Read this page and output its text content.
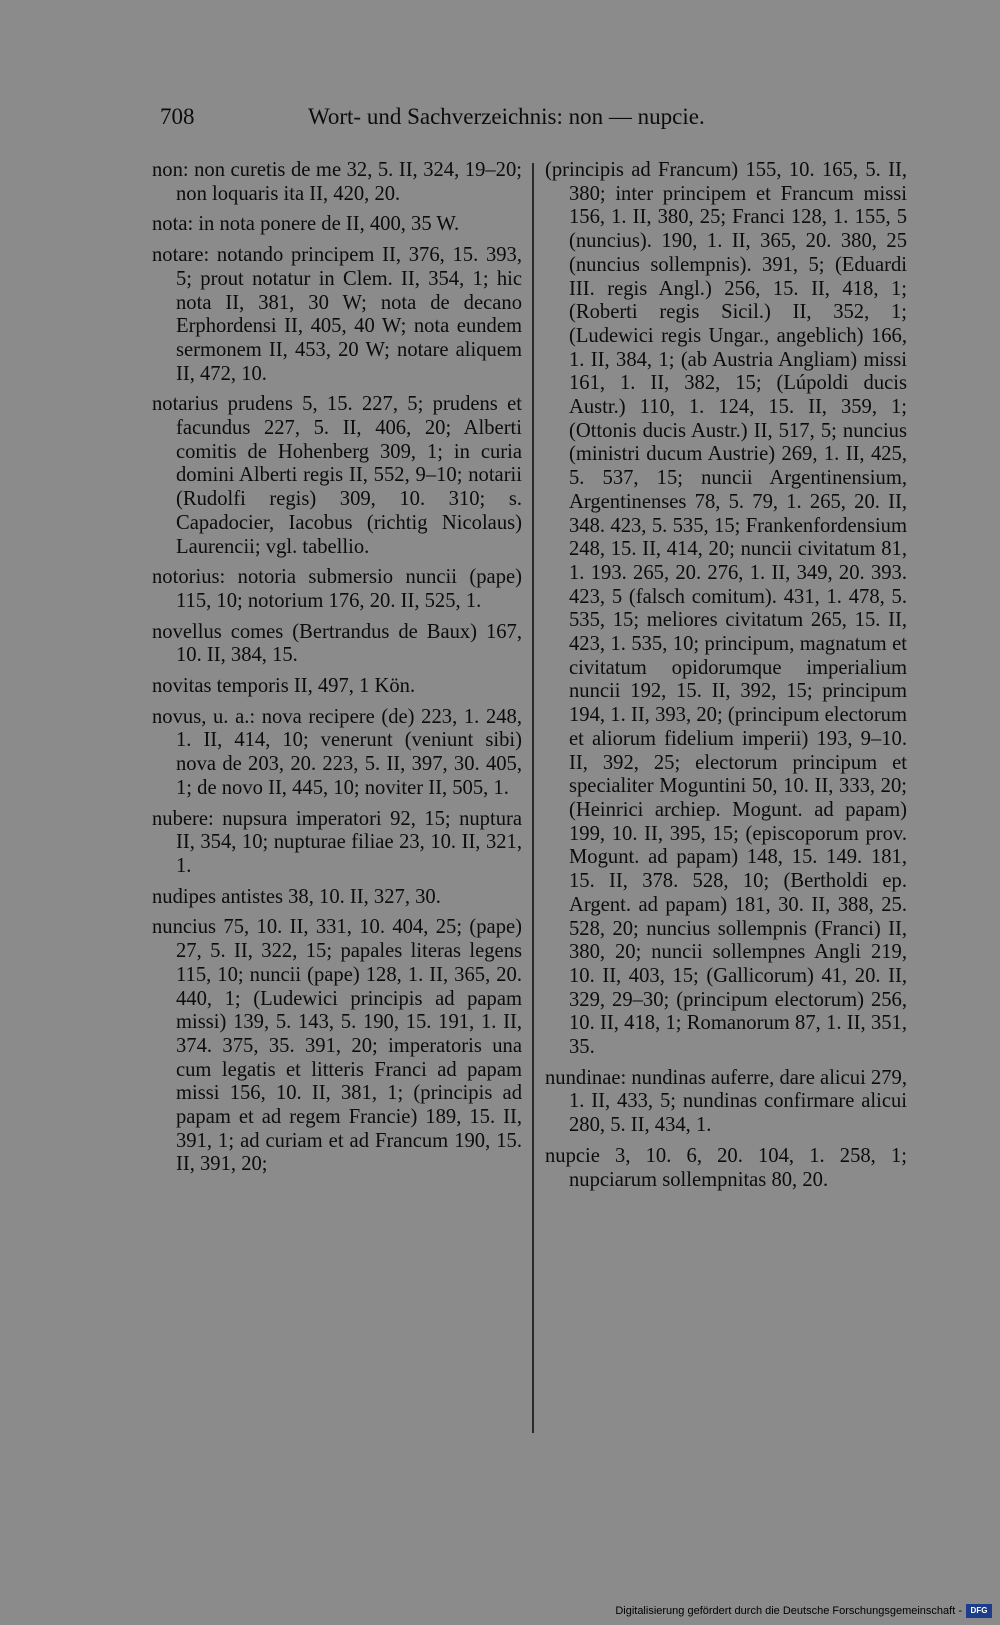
708	Wort- und Sachverzeichnis: non — nupcie.

non: non curetis de me 32, 5. II, 324, 19–20; non loquaris ita II, 420, 20.

nota: in nota ponere de II, 400, 35 W.

notare: notando principem II, 376, 15. 393, 5; prout notatur in Clem. II, 354, 1; hic nota II, 381, 30 W; nota de decano Erphordensi II, 405, 40 W; nota eundem sermonem II, 453, 20 W; notare aliquem II, 472, 10.

notarius prudens 5, 15. 227, 5; prudens et facundus 227, 5. II, 406, 20; Alberti comitis de Hohenberg 309, 1; in curia domini Alberti regis II, 552, 9–10; notarii (Rudolfi regis) 309, 10. 310; s. Capadocier, Iacobus (richtig Nicolaus) Laurencii; vgl. tabellio.

notorius: notoria submersio nuncii (pape) 115, 10; notorium 176, 20. II, 525, 1.

novellus comes (Bertrandus de Baux) 167, 10. II, 384, 15.

novitas temporis II, 497, 1 Kön.

novus, u. a.: nova recipere (de) 223, 1. 248, 1. II, 414, 10; venerunt (veniunt sibi) nova de 203, 20. 223, 5. II, 397, 30. 405, 1; de novo II, 445, 10; noviter II, 505, 1.

nubere: nupsura imperatori 92, 15; nuptura II, 354, 10; nupturae filiae 23, 10. II, 321, 1.

nudipes antistes 38, 10. II, 327, 30.

nuncius 75, 10. II, 331, 10. 404, 25; (pape) 27, 5. II, 322, 15; papales literas legens 115, 10; nuncii (pape) 128, 1. II, 365, 20. 440, 1; (Ludewici principis ad papam missi) 139, 5. 143, 5. 190, 15. 191, 1. II, 374. 375, 35. 391, 20; imperatoris una cum legatis et litteris Franci ad papam missi 156, 10. II, 381, 1; (principis ad papam et ad regem Francie) 189, 15. II, 391, 1; ad curiam et ad Francum 190, 15. II, 391, 20;

(principis ad Francum) 155, 10. 165, 5. II, 380; inter principem et Francum missi 156, 1. II, 380, 25; Franci 128, 1. 155, 5 (nuncius). 190, 1. II, 365, 20. 380, 25 (nuncius sollempnis). 391, 5; (Eduardi III. regis Angl.) 256, 15. II, 418, 1; (Roberti regis Sicil.) II, 352, 1; (Ludewici regis Ungar., angeblich) 166, 1. II, 384, 1; (ab Austria Angliam) missi 161, 1. II, 382, 15; (Lúpoldi ducis Austr.) 110, 1. 124, 15. II, 359, 1; (Ottonis ducis Austr.) II, 517, 5; nuncius (ministri ducum Austrie) 269, 1. II, 425, 5. 537, 15; nuncii Argentinensium, Argentinenses 78, 5. 79, 1. 265, 20. II, 348. 423, 5. 535, 15; Frankenfordensium 248, 15. II, 414, 20; nuncii civitatum 81, 1. 193. 265, 20. 276, 1. II, 349, 20. 393. 423, 5 (falsch comitum). 431, 1. 478, 5. 535, 15; meliores civitatum 265, 15. II, 423, 1. 535, 10; principum, magnatum et civitatum opidorumque imperialium nuncii 192, 15. II, 392, 15; principum 194, 1. II, 393, 20; (principum electorum et aliorum fidelium imperii) 193, 9–10. II, 392, 25; electorum principum et specialiter Moguntini 50, 10. II, 333, 20; (Heinrici archiep. Mogunt. ad papam) 199, 10. II, 395, 15; (episcoporum prov. Mogunt. ad papam) 148, 15. 149. 181, 15. II, 378. 528, 10; (Bertholdi ep. Argent. ad papam) 181, 30. II, 388, 25. 528, 20; nuncius sollempnis (Franci) II, 380, 20; nuncii sollempnes Angli 219, 10. II, 403, 15; (Gallicorum) 41, 20. II, 329, 29–30; (principum electorum) 256, 10. II, 418, 1; Romanorum 87, 1. II, 351, 35.

nundinae: nundinas auferre, dare alicui 279, 1. II, 433, 5; nundinas confirmare alicui 280, 5. II, 434, 1.

nupcie 3, 10. 6, 20. 104, 1. 258, 1; nupciarum sollempnitas 80, 20.

Digitalisierung gefördert durch die Deutsche Forschungsgemeinschaft -	DFG
